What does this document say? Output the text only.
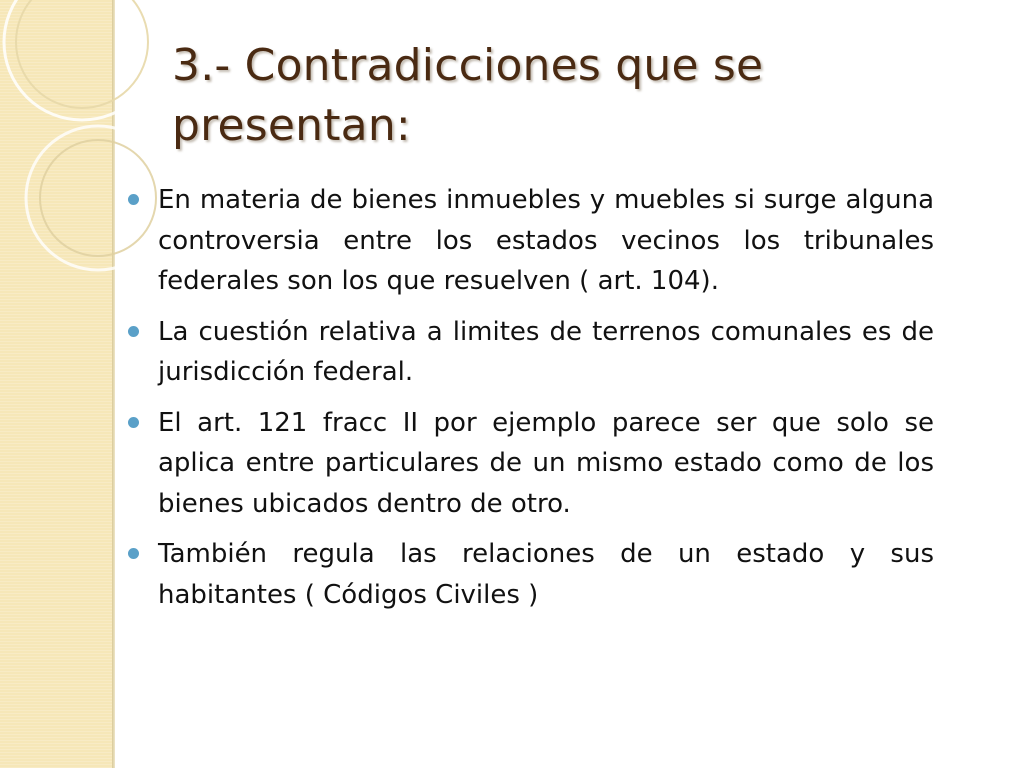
3.- Contradicciones que se presentan:
En materia de bienes inmuebles y muebles si surge alguna controversia entre los estados vecinos los tribunales federales son los que resuelven ( art. 104).
La cuestión relativa a limites de terrenos comunales es de jurisdicción federal.
El art. 121 fracc II por ejemplo parece ser que solo se aplica entre particulares de un mismo estado como de los bienes ubicados dentro de otro.
También regula las relaciones de un estado y sus habitantes ( Códigos Civiles )
